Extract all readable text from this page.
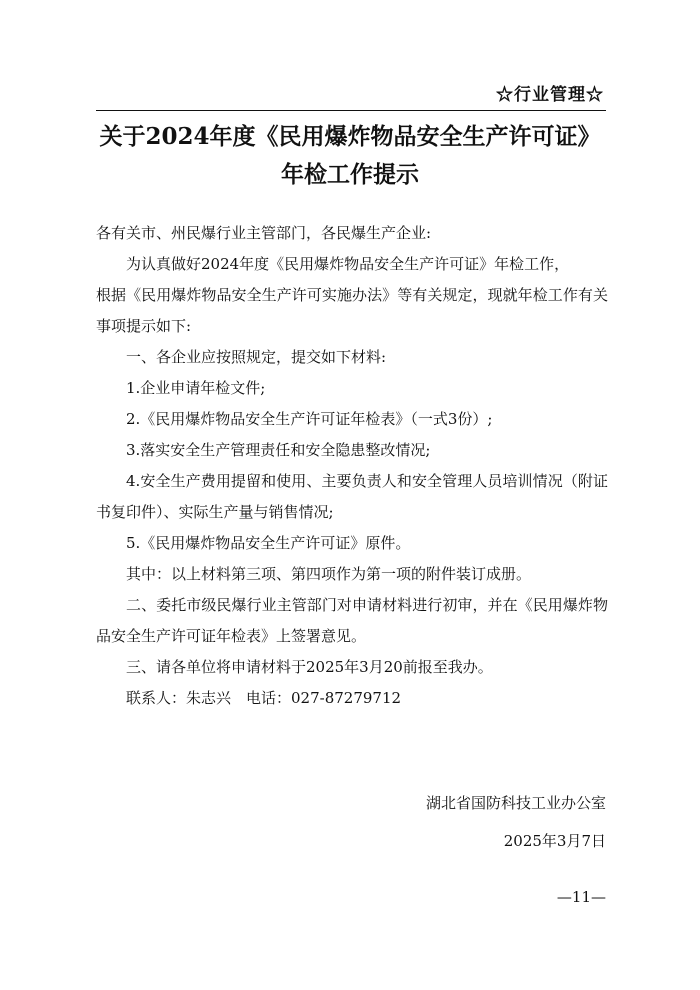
☆行业管理☆
关于2024年度《民用爆炸物品安全生产许可证》
年检工作提示

各有关市、州民爆行业主管部门，各民爆生产企业:

为认真做好2024年度《民用爆炸物品安全生产许可证》年检工作，

根据《民用爆炸物品安全生产许可实施办法》等有关规定，现就年检工作有关事项提示如下:

一、各企业应按照规定，提交如下材料:

1.企业申请年检文件;

2.《民用爆炸物品安全生产许可证年检表》（一式3份）;

3.落实安全生产管理责任和安全隐患整改情况;

4.安全生产费用提留和使用、主要负责人和安全管理人员培训情况（附证书复印件）、实际生产量与销售情况;

5.《民用爆炸物品安全生产许可证》原件。

其中：以上材料第三项、第四项作为第一项的附件装订成册。

二、委托市级民爆行业主管部门对申请材料进行初审，并在《民用爆炸物品安全生产许可证年检表》上签署意见。

三、请各单位将申请材料于2025年3月20前报至我办。

联系人：朱志兴　电话：027-87279712

湖北省国防科技工业办公室
2025年3月7日
—11—
